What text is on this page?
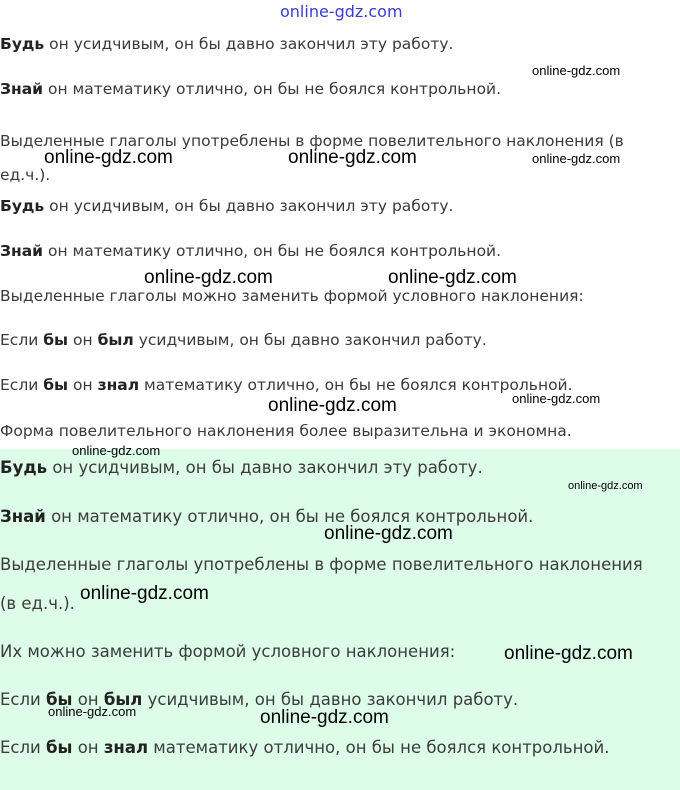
Будь он усидчивым, он бы давно закончил эту работу.
Знай он математику отлично, он бы не боялся контрольной.
Выделенные глаголы употреблены в форме повелительного наклонения (в ед.ч.).
Будь он усидчивым, он бы давно закончил эту работу.
Знай он математику отлично, он бы не боялся контрольной.
Выделенные глаголы можно заменить формой условного наклонения:
Если бы он был усидчивым, он бы давно закончил работу.
Если бы он знал математику отлично, он бы не боялся контрольной.
Форма повелительного наклонения более выразительна и экономна.
Будь он усидчивым, он бы давно закончил эту работу.
Знай он математику отлично, он бы не боялся контрольной.
Выделенные глаголы употреблены в форме повелительного наклонения
(в ед.ч.).
Их можно заменить формой условного наклонения:
Если бы он был усидчивым, он бы давно закончил работу.
Если бы он знал математику отлично, он бы не боялся контрольной.
online-gdz.com
online-gdz.com
online-gdz.com	online-gdz.com	online-gdz.com
online-gdz.com	online-gdz.com
online-gdz.com	online-gdz.com
online-gdz.com
online-gdz.com
online-gdz.com
online-gdz.com
online-gdz.com
online-gdz.com	online-gdz.com
